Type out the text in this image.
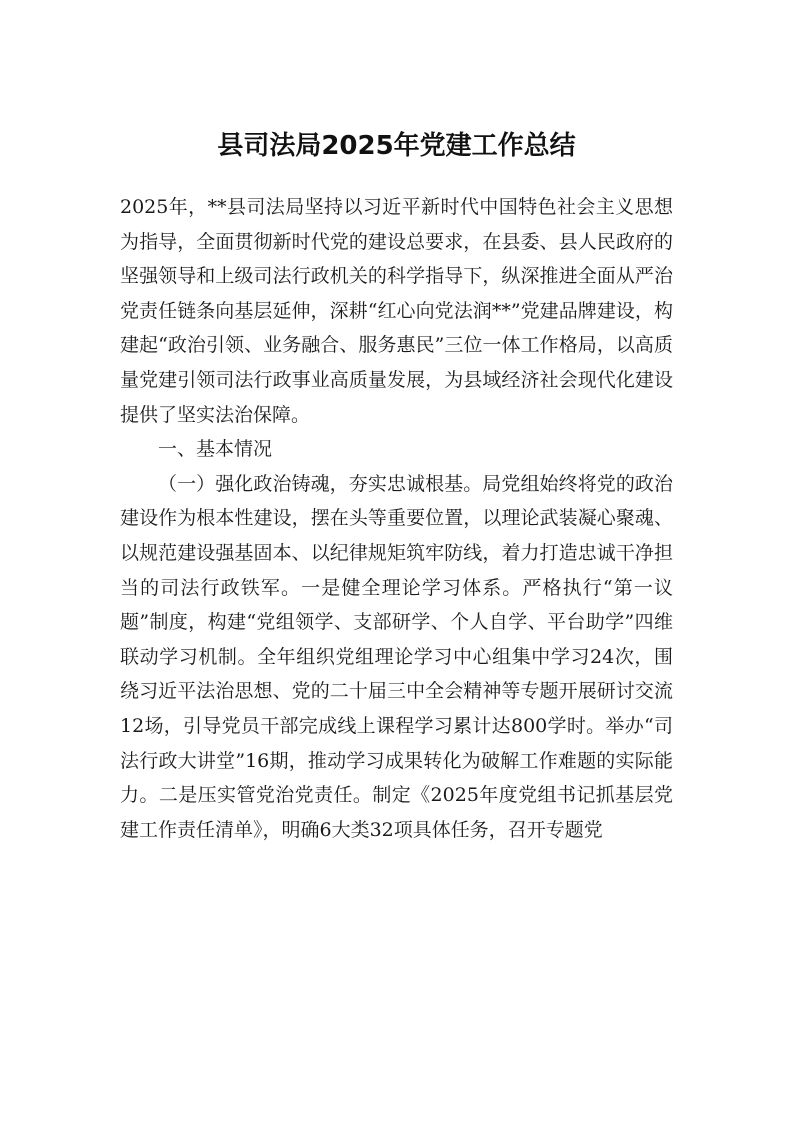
县司法局2025年党建工作总结

2025年，**县司法局坚持以习近平新时代中国特色社会主义思想为指导，全面贯彻新时代党的建设总要求，在县委、县人民政府的坚强领导和上级司法行政机关的科学指导下，纵深推进全面从严治党责任链条向基层延伸，深耕“红心向党法润**”党建品牌建设，构建起“政治引领、业务融合、服务惠民”三位一体工作格局，以高质量党建引领司法行政事业高质量发展，为县域经济社会现代化建设提供了坚实法治保障。

一、基本情况

（一）强化政治铸魂，夯实忠诚根基。局党组始终将党的政治建设作为根本性建设，摆在头等重要位置，以理论武装凝心聚魂、以规范建设强基固本、以纪律规矩筑牢防线，着力打造忠诚干净担当的司法行政铁军。一是健全理论学习体系。严格执行“第一议题”制度，构建“党组领学、支部研学、个人自学、平台助学”四维联动学习机制。全年组织党组理论学习中心组集中学习24次，围绕习近平法治思想、党的二十届三中全会精神等专题开展研讨交流12场，引导党员干部完成线上课程学习累计达800学时。举办“司法行政大讲堂”16期，推动学习成果转化为破解工作难题的实际能力。二是压实管党治党责任。制定《2025年度党组书记抓基层党建工作责任清单》，明确6大类32项具体任务，召开专题党
